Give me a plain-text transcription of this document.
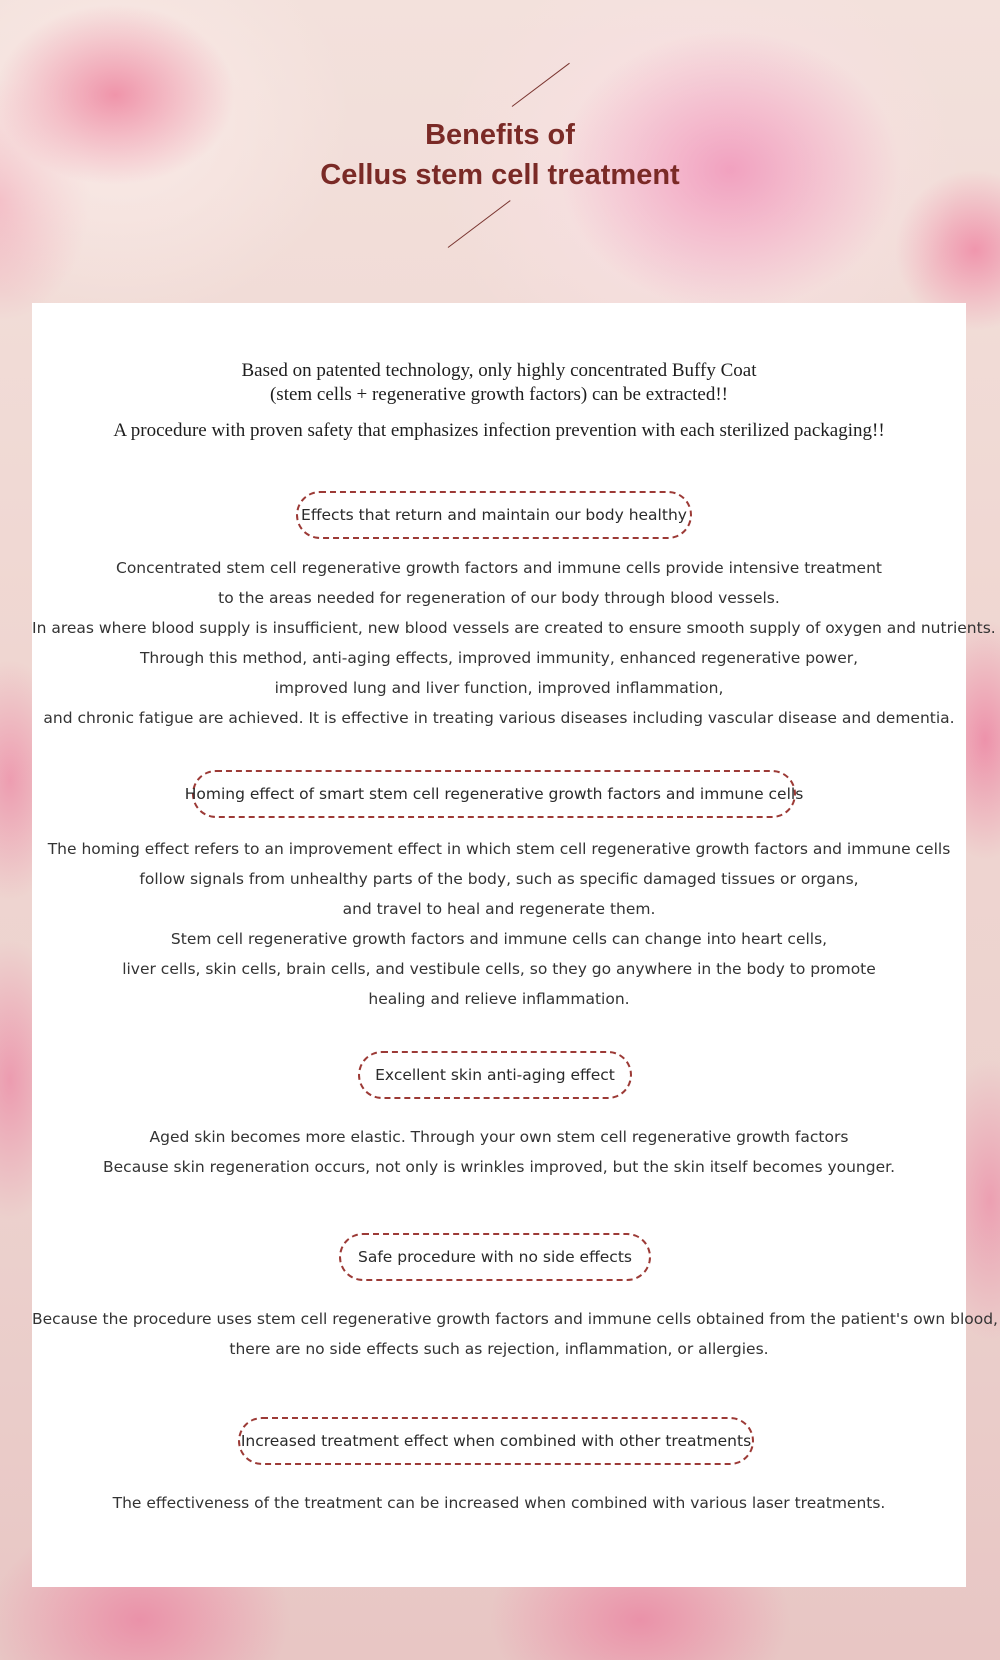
Benefits of
Cellus stem cell treatment
Based on patented technology, only highly concentrated Buffy Coat
(stem cells + regenerative growth factors) can be extracted!!
A procedure with proven safety that emphasizes infection prevention with each sterilized packaging!!
Effects that return and maintain our body healthy
Concentrated stem cell regenerative growth factors and immune cells provide intensive treatment
to the areas needed for regeneration of our body through blood vessels.
In areas where blood supply is insufficient, new blood vessels are created to ensure smooth supply of oxygen and nutrients.
Through this method, anti-aging effects, improved immunity, enhanced regenerative power,
improved lung and liver function, improved inflammation,
and chronic fatigue are achieved. It is effective in treating various diseases including vascular disease and dementia.
Homing effect of smart stem cell regenerative growth factors and immune cells
The homing effect refers to an improvement effect in which stem cell regenerative growth factors and immune cells
follow signals from unhealthy parts of the body, such as specific damaged tissues or organs,
and travel to heal and regenerate them.
Stem cell regenerative growth factors and immune cells can change into heart cells,
liver cells, skin cells, brain cells, and vestibule cells, so they go anywhere in the body to promote
healing and relieve inflammation.
Excellent skin anti-aging effect
Aged skin becomes more elastic. Through your own stem cell regenerative growth factors
Because skin regeneration occurs, not only is wrinkles improved, but the skin itself becomes younger.
Safe procedure with no side effects
Because the procedure uses stem cell regenerative growth factors and immune cells obtained from the patient's own blood,
there are no side effects such as rejection, inflammation, or allergies.
Increased treatment effect when combined with other treatments
The effectiveness of the treatment can be increased when combined with various laser treatments.
